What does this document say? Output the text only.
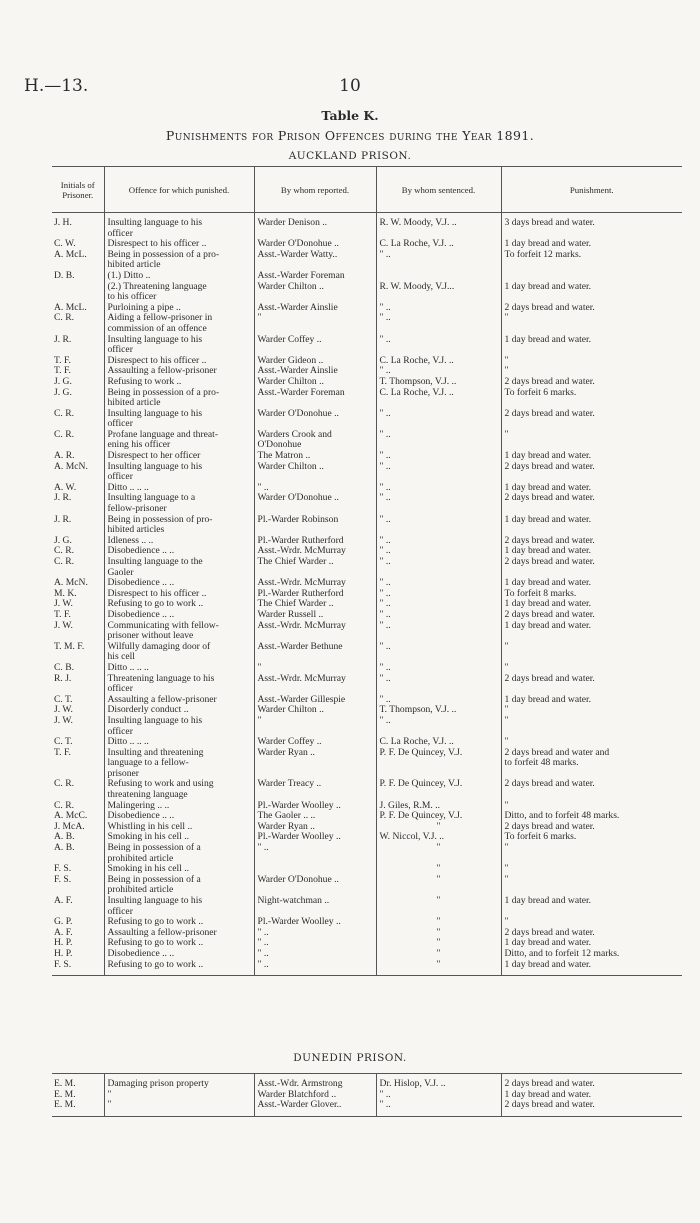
H.—13.	10
Table K.
Punishments for Prison Offences during the Year 1891.
AUCKLAND PRISON.
Initials of Prisoner.	Offence for which punished.	By whom reported.	By whom sentenced.	Punishment.

J. H.	Insulting language to his	Warder Denison ..	R. W. Moody, V.J. ..	3 days bread and water.
	officer			
C. W.	Disrespect to his officer ..	Warder O'Donohue ..	C. La Roche, V.J. ..	1 day bread and water.
A. McL.	Being in possession of a pro-	Asst.-Warder Watty..	" ..	To forfeit 12 marks.
	hibited article			
D. B.	(1.) Ditto ..	Asst.-Warder Foreman		
	(2.) Threatening language	Warder Chilton ..	R. W. Moody, V.J...	1 day bread and water.
	to his officer			
A. McL.	Purloining a pipe ..	Asst.-Warder Ainslie	" ..	2 days bread and water.
C. R.	Aiding a fellow-prisoner in	"	" ..	"
	commission of an offence			
J. R.	Insulting language to his	Warder Coffey ..	" ..	1 day bread and water.
	officer			
T. F.	Disrespect to his officer ..	Warder Gideon ..	C. La Roche, V.J. ..	"
T. F.	Assaulting a fellow-prisoner	Asst.-Warder Ainslie	" ..	"
J. G.	Refusing to work ..	Warder Chilton ..	T. Thompson, V.J. ..	2 days bread and water.
J. G.	Being in possession of a pro-	Asst.-Warder Foreman	C. La Roche, V.J. ..	To forfeit 6 marks.
	hibited article			
C. R.	Insulting language to his	Warder O'Donohue ..	" ..	2 days bread and water.
	officer			
C. R.	Profane language and threat-	Warders Crook and	" ..	"
	ening his officer	O'Donohue		
A. R.	Disrespect to her officer	The Matron ..	" ..	1 day bread and water.
A. McN.	Insulting language to his	Warder Chilton ..	" ..	2 days bread and water.
	officer			
A. W.	Ditto .. .. ..	" ..	" ..	1 day bread and water.
J. R.	Insulting language to a	Warder O'Donohue ..	" ..	2 days bread and water.
	fellow-prisoner			
J. R.	Being in possession of pro-	Pl.-Warder Robinson	" ..	1 day bread and water.
	hibited articles			
J. G.	Idleness .. ..	Pl.-Warder Rutherford	" ..	2 days bread and water.
C. R.	Disobedience .. ..	Asst.-Wrdr. McMurray	" ..	1 day bread and water.
C. R.	Insulting language to the	The Chief Warder ..	" ..	2 days bread and water.
	Gaoler			
A. McN.	Disobedience .. ..	Asst.-Wrdr. McMurray	" ..	1 day bread and water.
M. K.	Disrespect to his officer ..	Pl.-Warder Rutherford	" ..	To forfeit 8 marks.
J. W.	Refusing to go to work ..	The Chief Warder ..	" ..	1 day bread and water.
T. F.	Disobedience .. ..	Warder Russell ..	" ..	2 days bread and water.
J. W.	Communicating with fellow-	Asst.-Wrdr. McMurray	" ..	1 day bread and water.
	prisoner without leave			
T. M. F.	Wilfully damaging door of	Asst.-Warder Bethune	" ..	"
	his cell			
C. B.	Ditto .. .. ..	"	" ..	"
R. J.	Threatening language to his	Asst.-Wrdr. McMurray	" ..	2 days bread and water.
	officer			
C. T.	Assaulting a fellow-prisoner	Asst.-Warder Gillespie	" ..	1 day bread and water.
J. W.	Disorderly conduct ..	Warder Chilton ..	T. Thompson, V.J. ..	"
J. W.	Insulting language to his	"	" ..	"
	officer			
C. T.	Ditto .. .. ..	Warder Coffey ..	C. La Roche, V.J. ..	"
T. F.	Insulting and threatening	Warder Ryan ..	P. F. De Quincey, V.J.	2 days bread and water and
	language to a fellow-			to forfeit 48 marks.
	prisoner			
C. R.	Refusing to work and using	Warder Treacy ..	P. F. De Quincey, V.J.	2 days bread and water.
	threatening language			
C. R.	Malingering .. ..	Pl.-Warder Woolley ..	J. Giles, R.M. ..	"
A. McC.	Disobedience .. ..	The Gaoler .. ..	P. F. De Quincey, V.J.	Ditto, and to forfeit 48 marks.
J. McA.	Whistling in his cell ..	Warder Ryan ..	"	2 days bread and water.
A. B.	Smoking in his cell ..	Pl.-Warder Woolley ..	W. Niccol, V.J. ..	To forfeit 6 marks.
A. B.	Being in possession of a	" ..	"	"
	prohibited article			
F. S.	Smoking in his cell ..		"	"
F. S.	Being in possession of a	Warder O'Donohue ..	"	"
	prohibited article			
A. F.	Insulting language to his	Night-watchman ..	"	1 day bread and water.
	officer			
G. P.	Refusing to go to work ..	Pl.-Warder Woolley ..	"	"
A. F.	Assaulting a fellow-prisoner	" ..	"	2 days bread and water.
H. P.	Refusing to go to work ..	" ..	"	1 day bread and water.
H. P.	Disobedience .. ..	" ..	"	Ditto, and to forfeit 12 marks.
F. S.	Refusing to go to work ..	" ..	"	1 day bread and water.

DUNEDIN PRISON.

E. M.	Damaging prison property	Asst.-Wdr. Armstrong	Dr. Hislop, V.J. ..	2 days bread and water.
E. M.	"	Warder Blatchford ..	" ..	1 day bread and water.
E. M.	"	Asst.-Warder Glover..	" ..	2 days bread and water.
